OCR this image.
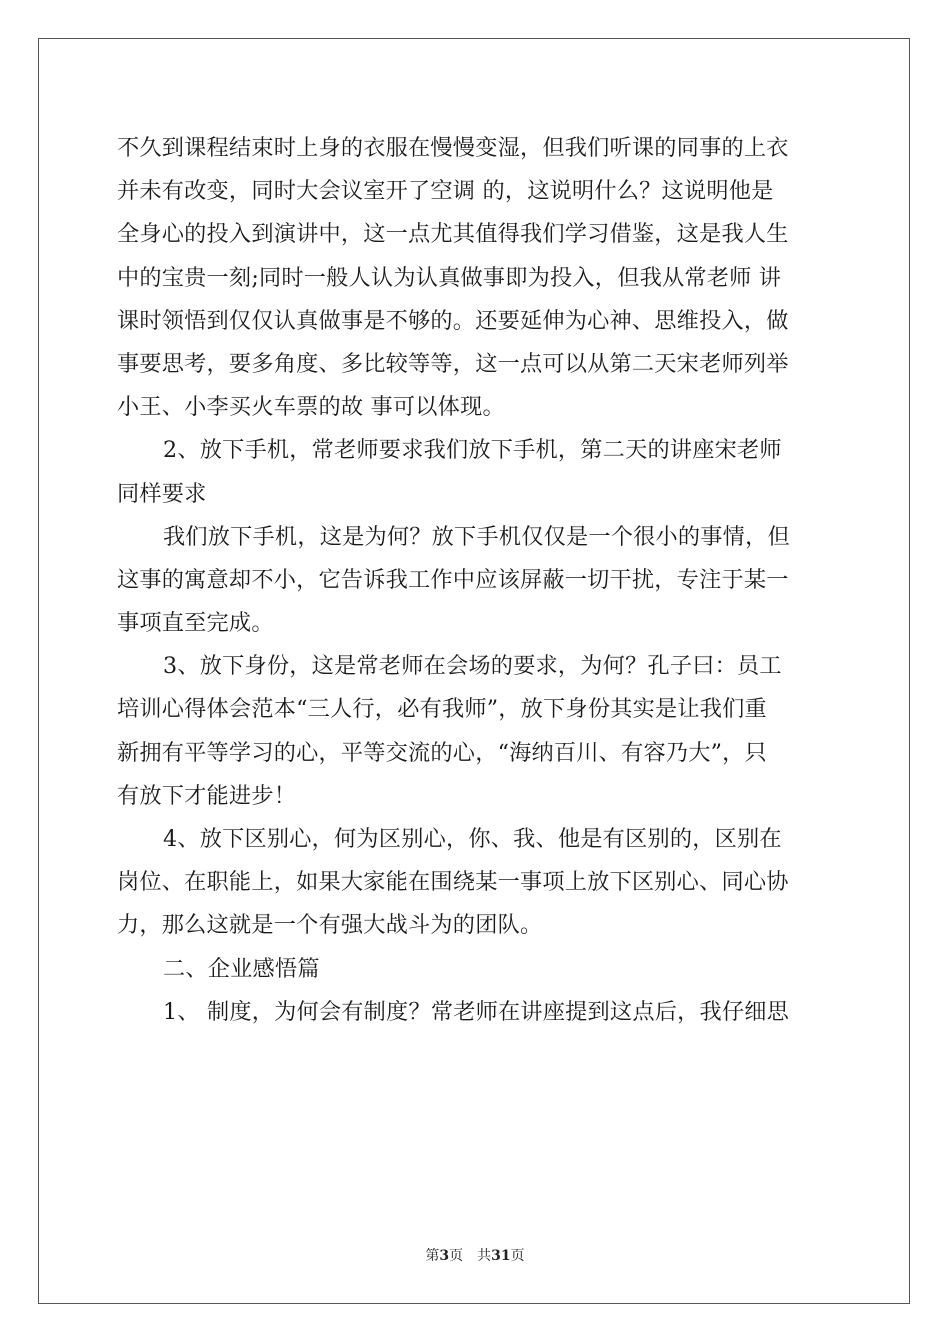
不久到课程结束时上身的衣服在慢慢变湿，但我们听课的同事的上衣
并未有改变，同时大会议室开了空调 的，这说明什么？这说明他是
全身心的投入到演讲中，这一点尤其值得我们学习借鉴，这是我人生
中的宝贵一刻;同时一般人认为认真做事即为投入，但我从常老师 讲
课时领悟到仅仅认真做事是不够的。还要延伸为心神、思维投入，做
事要思考，要多角度、多比较等等，这一点可以从第二天宋老师列举
小王、小李买火车票的故 事可以体现。
2、放下手机，常老师要求我们放下手机，第二天的讲座宋老师
同样要求
我们放下手机，这是为何？放下手机仅仅是一个很小的事情，但
这事的寓意却不小，它告诉我工作中应该屏蔽一切干扰，专注于某一
事项直至完成。
3、放下身份，这是常老师在会场的要求，为何？孔子曰：员工
培训心得体会范本“三人行，必有我师”，放下身份其实是让我们重
新拥有平等学习的心，平等交流的心，“海纳百川、有容乃大”，只
有放下才能进步！
4、放下区别心，何为区别心，你、我、他是有区别的，区别在
岗位、在职能上，如果大家能在围绕某一事项上放下区别心、同心协
力，那么这就是一个有强大战斗为的团队。
二、企业感悟篇
1、 制度，为何会有制度？常老师在讲座提到这点后，我仔细思
第3页 共31页
